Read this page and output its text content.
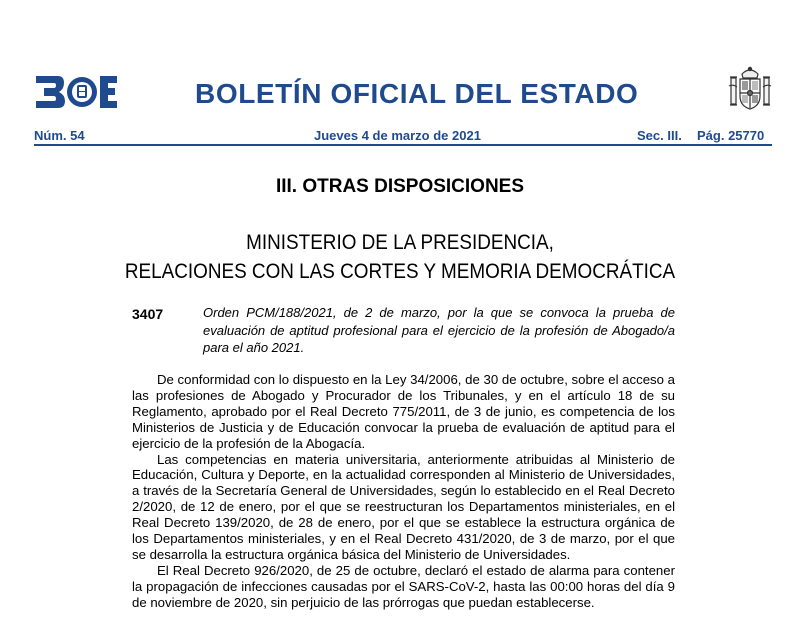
BOLETÍN OFICIAL DEL ESTADO
Núm. 54	Jueves 4 de marzo de 2021	Sec. III. Pág. 25770
III. OTRAS DISPOSICIONES
MINISTERIO DE LA PRESIDENCIA,
RELACIONES CON LAS CORTES Y MEMORIA DEMOCRÁTICA
3407	Orden PCM/188/2021, de 2 de marzo, por la que se convoca la prueba de evaluación de aptitud profesional para el ejercicio de la profesión de Abogado/a para el año 2021.

De conformidad con lo dispuesto en la Ley 34/2006, de 30 de octubre, sobre el acceso a las profesiones de Abogado y Procurador de los Tribunales, y en el artículo 18 de su Reglamento, aprobado por el Real Decreto 775/2011, de 3 de junio, es competencia de los Ministerios de Justicia y de Educación convocar la prueba de evaluación de aptitud para el ejercicio de la profesión de la Abogacía.

Las competencias en materia universitaria, anteriormente atribuidas al Ministerio de Educación, Cultura y Deporte, en la actualidad corresponden al Ministerio de Universidades, a través de la Secretaría General de Universidades, según lo establecido en el Real Decreto 2/2020, de 12 de enero, por el que se reestructuran los Departamentos ministeriales, en el Real Decreto 139/2020, de 28 de enero, por el que se establece la estructura orgánica de los Departamentos ministeriales, y en el Real Decreto 431/2020, de 3 de marzo, por el que se desarrolla la estructura orgánica básica del Ministerio de Universidades.

El Real Decreto 926/2020, de 25 de octubre, declaró el estado de alarma para contener la propagación de infecciones causadas por el SARS-CoV-2, hasta las 00:00 horas del día 9 de noviembre de 2020, sin perjuicio de las prórrogas que puedan establecerse.
